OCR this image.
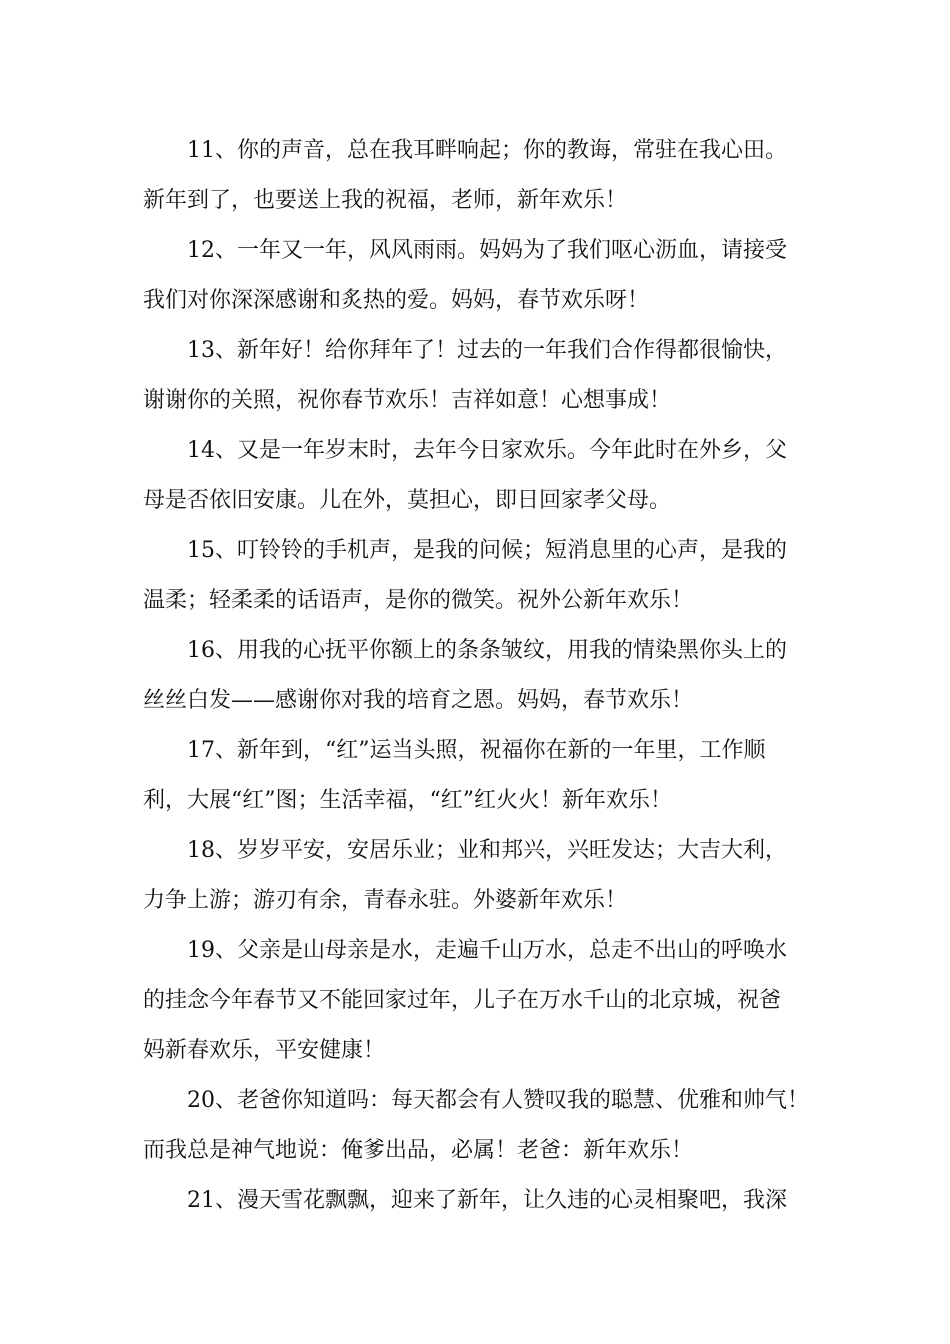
11、你的声音，总在我耳畔响起；你的教诲，常驻在我心田。
新年到了，也要送上我的祝福，老师，新年欢乐！
12、一年又一年，风风雨雨。妈妈为了我们呕心沥血，请接受
我们对你深深感谢和炙热的爱。妈妈，春节欢乐呀！
13、新年好！给你拜年了！过去的一年我们合作得都很愉快，
谢谢你的关照，祝你春节欢乐！吉祥如意！心想事成！
14、又是一年岁末时，去年今日家欢乐。今年此时在外乡，父
母是否依旧安康。儿在外，莫担心，即日回家孝父母。
15、叮铃铃的手机声，是我的问候；短消息里的心声，是我的
温柔；轻柔柔的话语声，是你的微笑。祝外公新年欢乐！
16、用我的心抚平你额上的条条皱纹，用我的情染黑你头上的
丝丝白发——感谢你对我的培育之恩。妈妈，春节欢乐！
17、新年到，“红”运当头照，祝福你在新的一年里，工作顺
利，大展“红”图；生活幸福，“红”红火火！新年欢乐！
18、岁岁平安，安居乐业；业和邦兴，兴旺发达；大吉大利，
力争上游；游刃有余，青春永驻。外婆新年欢乐！
19、父亲是山母亲是水，走遍千山万水，总走不出山的呼唤水
的挂念今年春节又不能回家过年，儿子在万水千山的北京城，祝爸
妈新春欢乐，平安健康！
20、老爸你知道吗：每天都会有人赞叹我的聪慧、优雅和帅气！
而我总是神气地说：俺爹出品，必属！老爸：新年欢乐！
21、漫天雪花飘飘，迎来了新年，让久违的心灵相聚吧，我深
